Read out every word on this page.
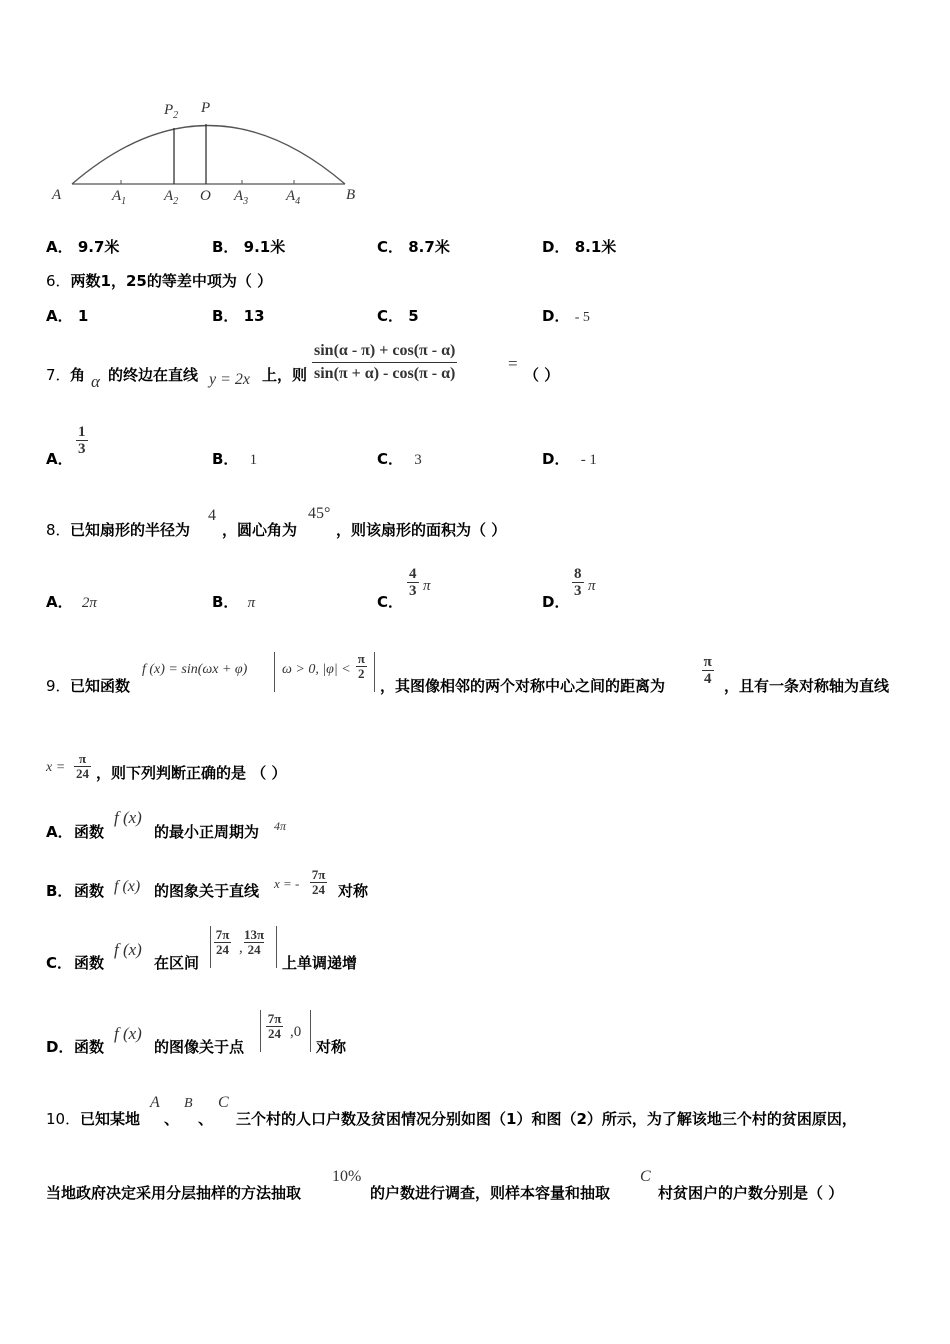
A	$A_1$	$A_2$ O $A_3$	$A_4$	B
$P_2$ P
A． 9.7米	B． 9.1米	C． 8.7米	D． 8.1米
6．两数1，25的等差中项为（ ）
A． 1	B． 13	C． 5	D． - 5
7． 角 α 的终边在直线 y = 2x 上，则 $\frac{\sin(\alpha - \pi) + \cos(\pi - \alpha)}{\sin(\pi + \alpha) - \cos(\pi - \alpha)}$	=
（ ）
A．
$\frac{1}{3}$
B． 1	C． 3	D． - 1
8． 已知扇形的半径为
4
，圆心角为
45°
，则该扇形的面积为（ ）
A． 2π	B． π	C．
$\frac{4}{3}$ π
D．
$\frac{8}{3}$ π
9． 已知函数
f (x) = sin(ωx + φ) ω > 0, $|\varphi| < \frac{\pi}{2}$
，其图像相邻的两个对称中心之间的距离为 $\frac{\pi}{4}$ ，且有一条对称轴为直线
$x = \frac{\pi}{24}$ ，则下列判断正确的是 （ ）
A． 函数
f (x)
的最小正周期为 4π
B． 函数 f (x) 的图象关于直线 x = - $\frac{7\pi}{24}$ 对称
C． 函数
f (x)
在区间
$\frac{7\pi}{24}$ , $\frac{13\pi}{24}$
上单调递增
D． 函数
f (x)
的图像关于点
$\frac{7\pi}{24} ,0$
对称
10． 已知某地
A
、
B
、
C
三个村的人口户数及贫困情况分别如图（1）和图（2）所示，为了解该地三个村的贫困原因，
当地政府决定采用分层抽样的方法抽取
10%
的户数进行调查，则样本容量和抽取
C
村贫困户的户数分别是（ ）
